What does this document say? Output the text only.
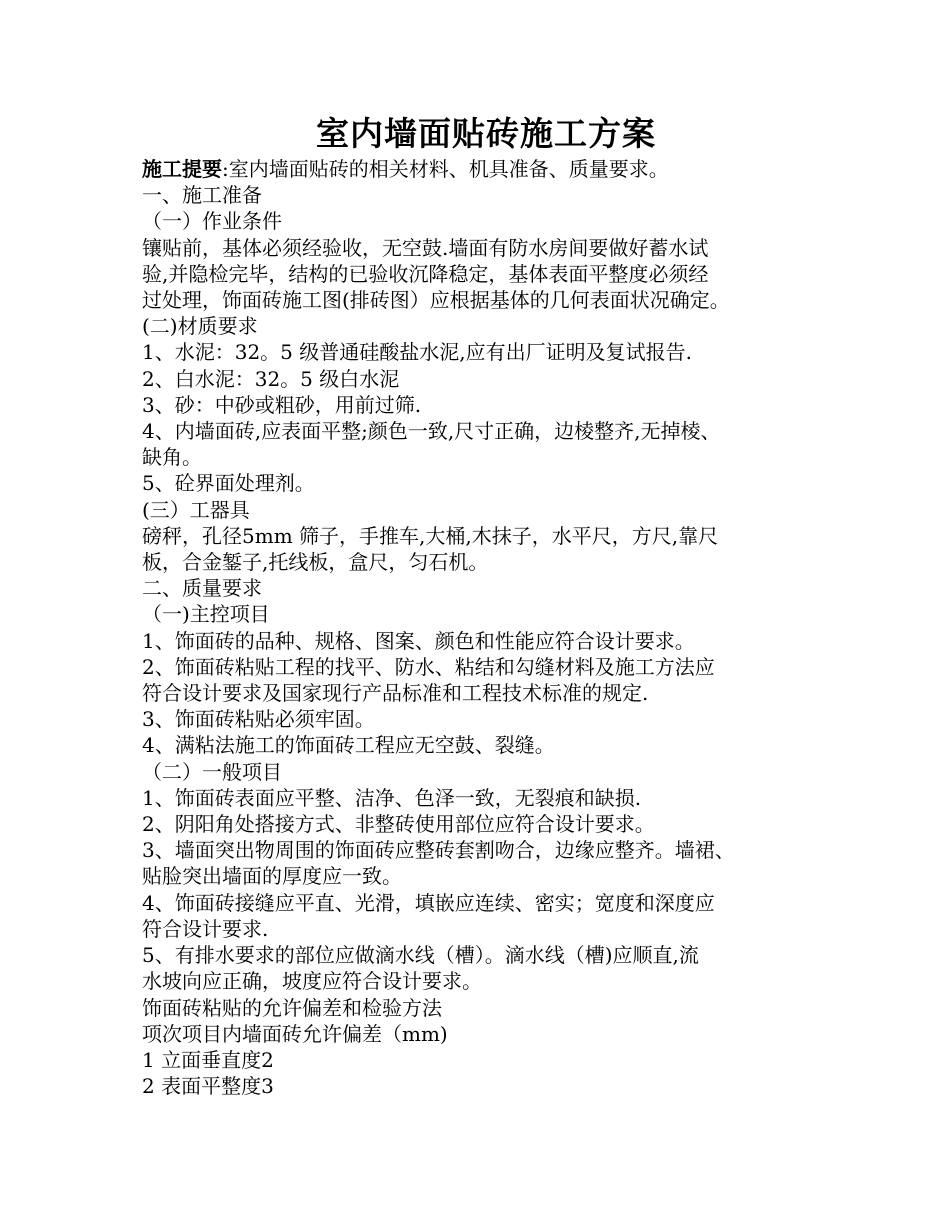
室内墙面贴砖施工方案
施工提要:室内墙面贴砖的相关材料、机具准备、质量要求。
一、施工准备
（一）作业条件
镶贴前，基体必须经验收，无空鼓.墙面有防水房间要做好蓄水试
验,并隐检完毕，结构的已验收沉降稳定，基体表面平整度必须经
过处理，饰面砖施工图(排砖图）应根据基体的几何表面状况确定。
(二)材质要求
1、水泥：32。5 级普通硅酸盐水泥,应有出厂证明及复试报告.
2、白水泥：32。5 级白水泥
3、砂：中砂或粗砂，用前过筛.
4、内墙面砖,应表面平整;颜色一致,尺寸正确，边棱整齐,无掉棱、
缺角。
5、砼界面处理剂。
(三）工器具
磅秤，孔径5mm 筛子，手推车,大桶,木抹子，水平尺，方尺,靠尺
板，合金錾子,托线板，盒尺，匀石机。
二、质量要求
（一)主控项目
1、饰面砖的品种、规格、图案、颜色和性能应符合设计要求。
2、饰面砖粘贴工程的找平、防水、粘结和勾缝材料及施工方法应
符合设计要求及国家现行产品标准和工程技术标准的规定.
3、饰面砖粘贴必须牢固。
4、满粘法施工的饰面砖工程应无空鼓、裂缝。
（二）一般项目
1、饰面砖表面应平整、洁净、色泽一致，无裂痕和缺损.
2、阴阳角处搭接方式、非整砖使用部位应符合设计要求。
3、墙面突出物周围的饰面砖应整砖套割吻合，边缘应整齐。墙裙、
贴脸突出墙面的厚度应一致。
4、饰面砖接缝应平直、光滑，填嵌应连续、密实；宽度和深度应
符合设计要求.
5、有排水要求的部位应做滴水线（槽）。滴水线（槽)应顺直,流
水坡向应正确，坡度应符合设计要求。
饰面砖粘贴的允许偏差和检验方法
项次项目内墙面砖允许偏差（mm)
1 立面垂直度2
2 表面平整度3
